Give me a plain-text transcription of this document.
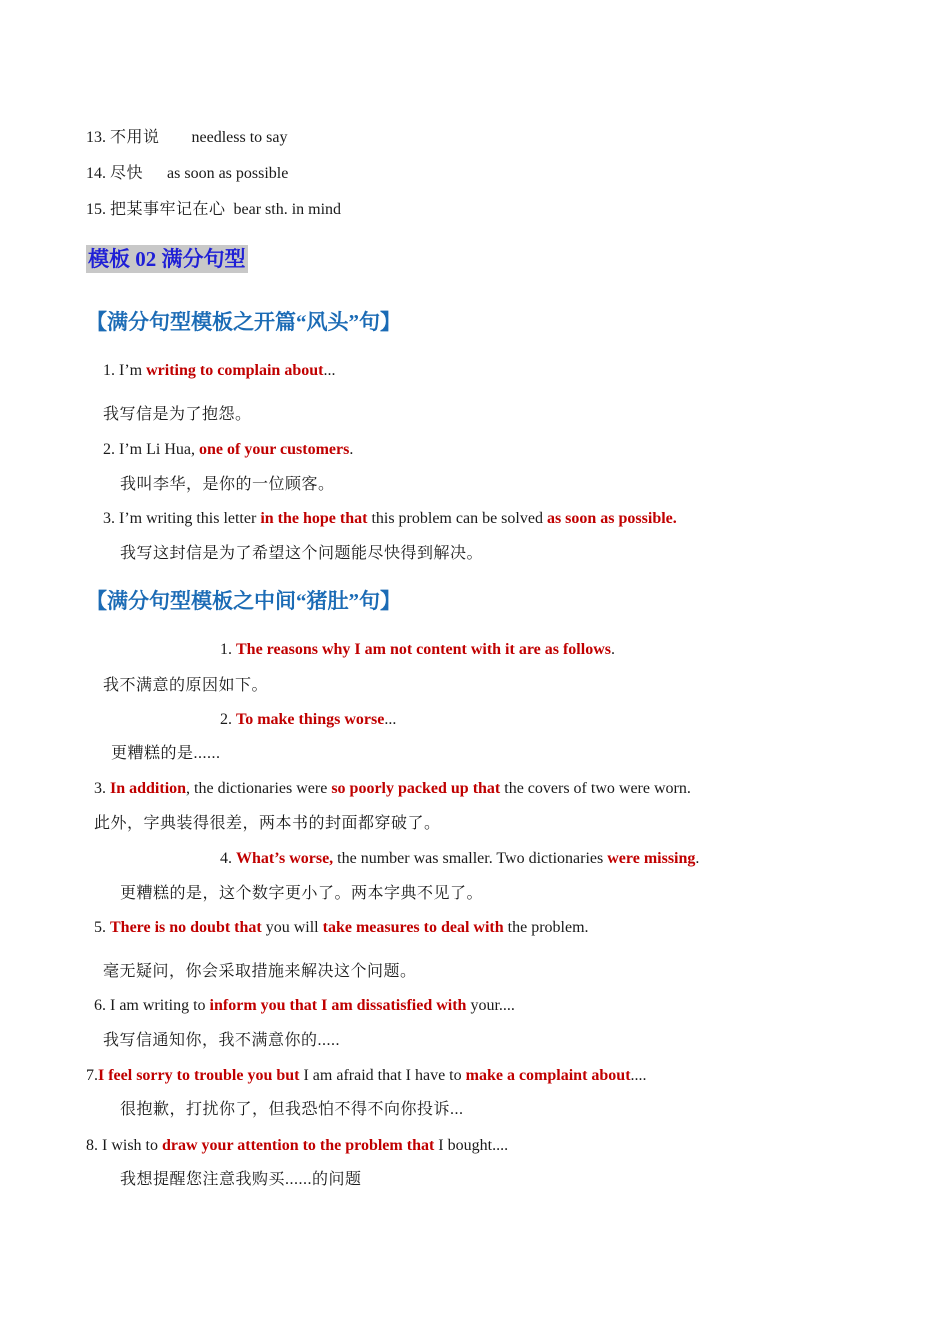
13. 不用说 needless to say
14. 尽快 as soon as possible
15. 把某事牢记在心 bear sth. in mind
模板 02 满分句型
【满分句型模板之开篇“风头”句】
1. I’m writing to complain about...
我写信是为了抱怨。
2. I’m Li Hua, one of your customers.
我叫李华，是你的一位顾客。
3. I’m writing this letter in the hope that this problem can be solved as soon as possible.
我写这封信是为了希望这个问题能尽快得到解决。
【满分句型模板之中间“猪肚”句】
1. The reasons why I am not content with it are as follows.
我不满意的原因如下。
2. To make things worse...
更糟糕的是......
3. In addition, the dictionaries were so poorly packed up that the covers of two were worn.
此外，字典装得很差，两本书的封面都穿破了。
4. What’s worse, the number was smaller. Two dictionaries were missing.
更糟糕的是，这个数字更小了。两本字典不见了。
5. There is no doubt that you will take measures to deal with the problem.
毫无疑问，你会采取措施来解决这个问题。
6. I am writing to inform you that I am dissatisfied with your....
我写信通知你，我不满意你的.....
7.I feel sorry to trouble you but I am afraid that I have to make a complaint about....
很抱歉，打扰你了，但我恐怕不得不向你投诉...
8. I wish to draw your attention to the problem that I bought....
我想提醒您注意我购买......的问题
